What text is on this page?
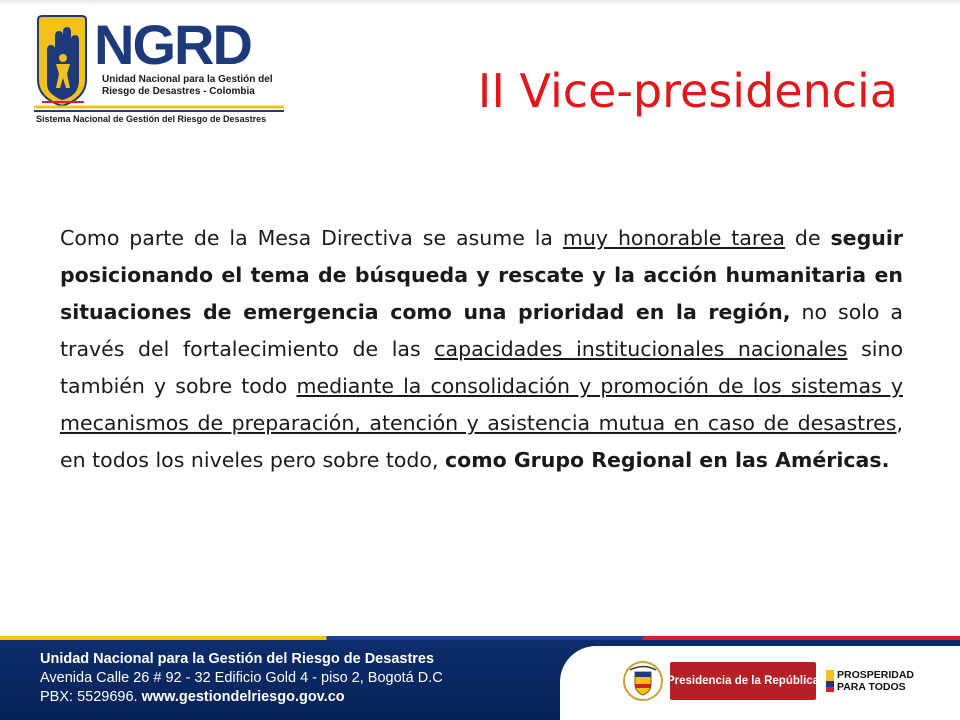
NGRD
Unidad Nacional para la Gestión del
Riesgo de Desastres - Colombia
Sistema Nacional de Gestión del Riesgo de Desastres
II Vice-presidencia

Como parte de la Mesa Directiva se asume la muy honorable tarea de seguir posicionando el tema de búsqueda y rescate y la acción humanitaria en situaciones de emergencia como una prioridad en la región, no solo a través del fortalecimiento de las capacidades institucionales nacionales sino también y sobre todo mediante la consolidación y promoción de los sistemas y mecanismos de preparación, atención y asistencia mutua en caso de desastres, en todos los niveles pero sobre todo, como Grupo Regional en las Américas.

Unidad Nacional para la Gestión del Riesgo de Desastres
Avenida Calle 26 # 92 - 32 Edificio Gold 4 - piso 2, Bogotá D.C
PBX: 5529696. www.gestiondelriesgo.gov.co
Presidencia de la República PROSPERIDAD
PARA TODOS
